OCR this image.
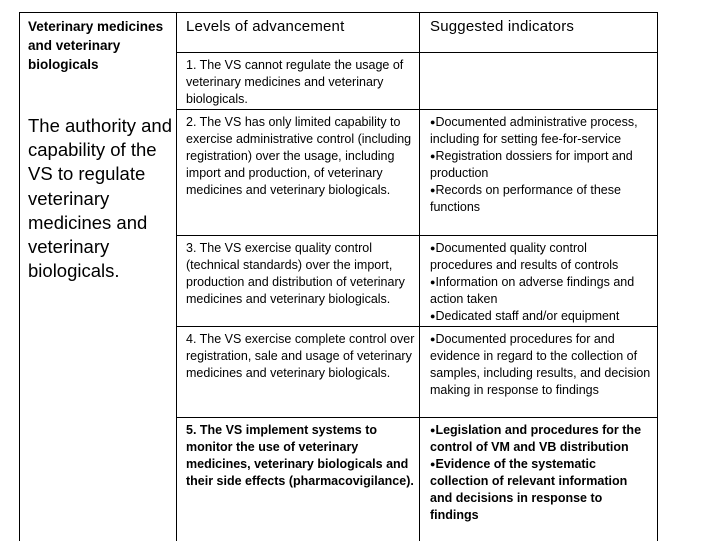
Veterinary medicines and veterinary biologicals
The authority and capability of the VS to regulate veterinary medicines and veterinary biologicals.
Levels of advancement	Suggested indicators
1. The VS cannot regulate the usage of veterinary medicines and veterinary biologicals.
2. The VS has only limited capability to exercise administrative control (including registration) over the usage, including import and production, of veterinary medicines and veterinary biologicals.
●Documented administrative process, including for setting fee-for-service
●Registration dossiers for import and production
●Records on performance of these functions
3. The VS exercise quality control (technical standards) over the import, production and distribution of veterinary medicines and veterinary biologicals.
●Documented quality control procedures and results of controls
●Information on adverse findings and action taken
●Dedicated staff and/or equipment
4. The VS exercise complete control over registration, sale and usage of veterinary medicines and veterinary biologicals.
●Documented procedures for and evidence in regard to the collection of samples, including results, and decision making in response to findings
5. The VS implement systems to monitor the use of veterinary medicines, veterinary biologicals and their side effects (pharmacovigilance).
●Legislation and procedures for the control of VM and VB distribution
●Evidence of the systematic collection of relevant information and decisions in response to findings
